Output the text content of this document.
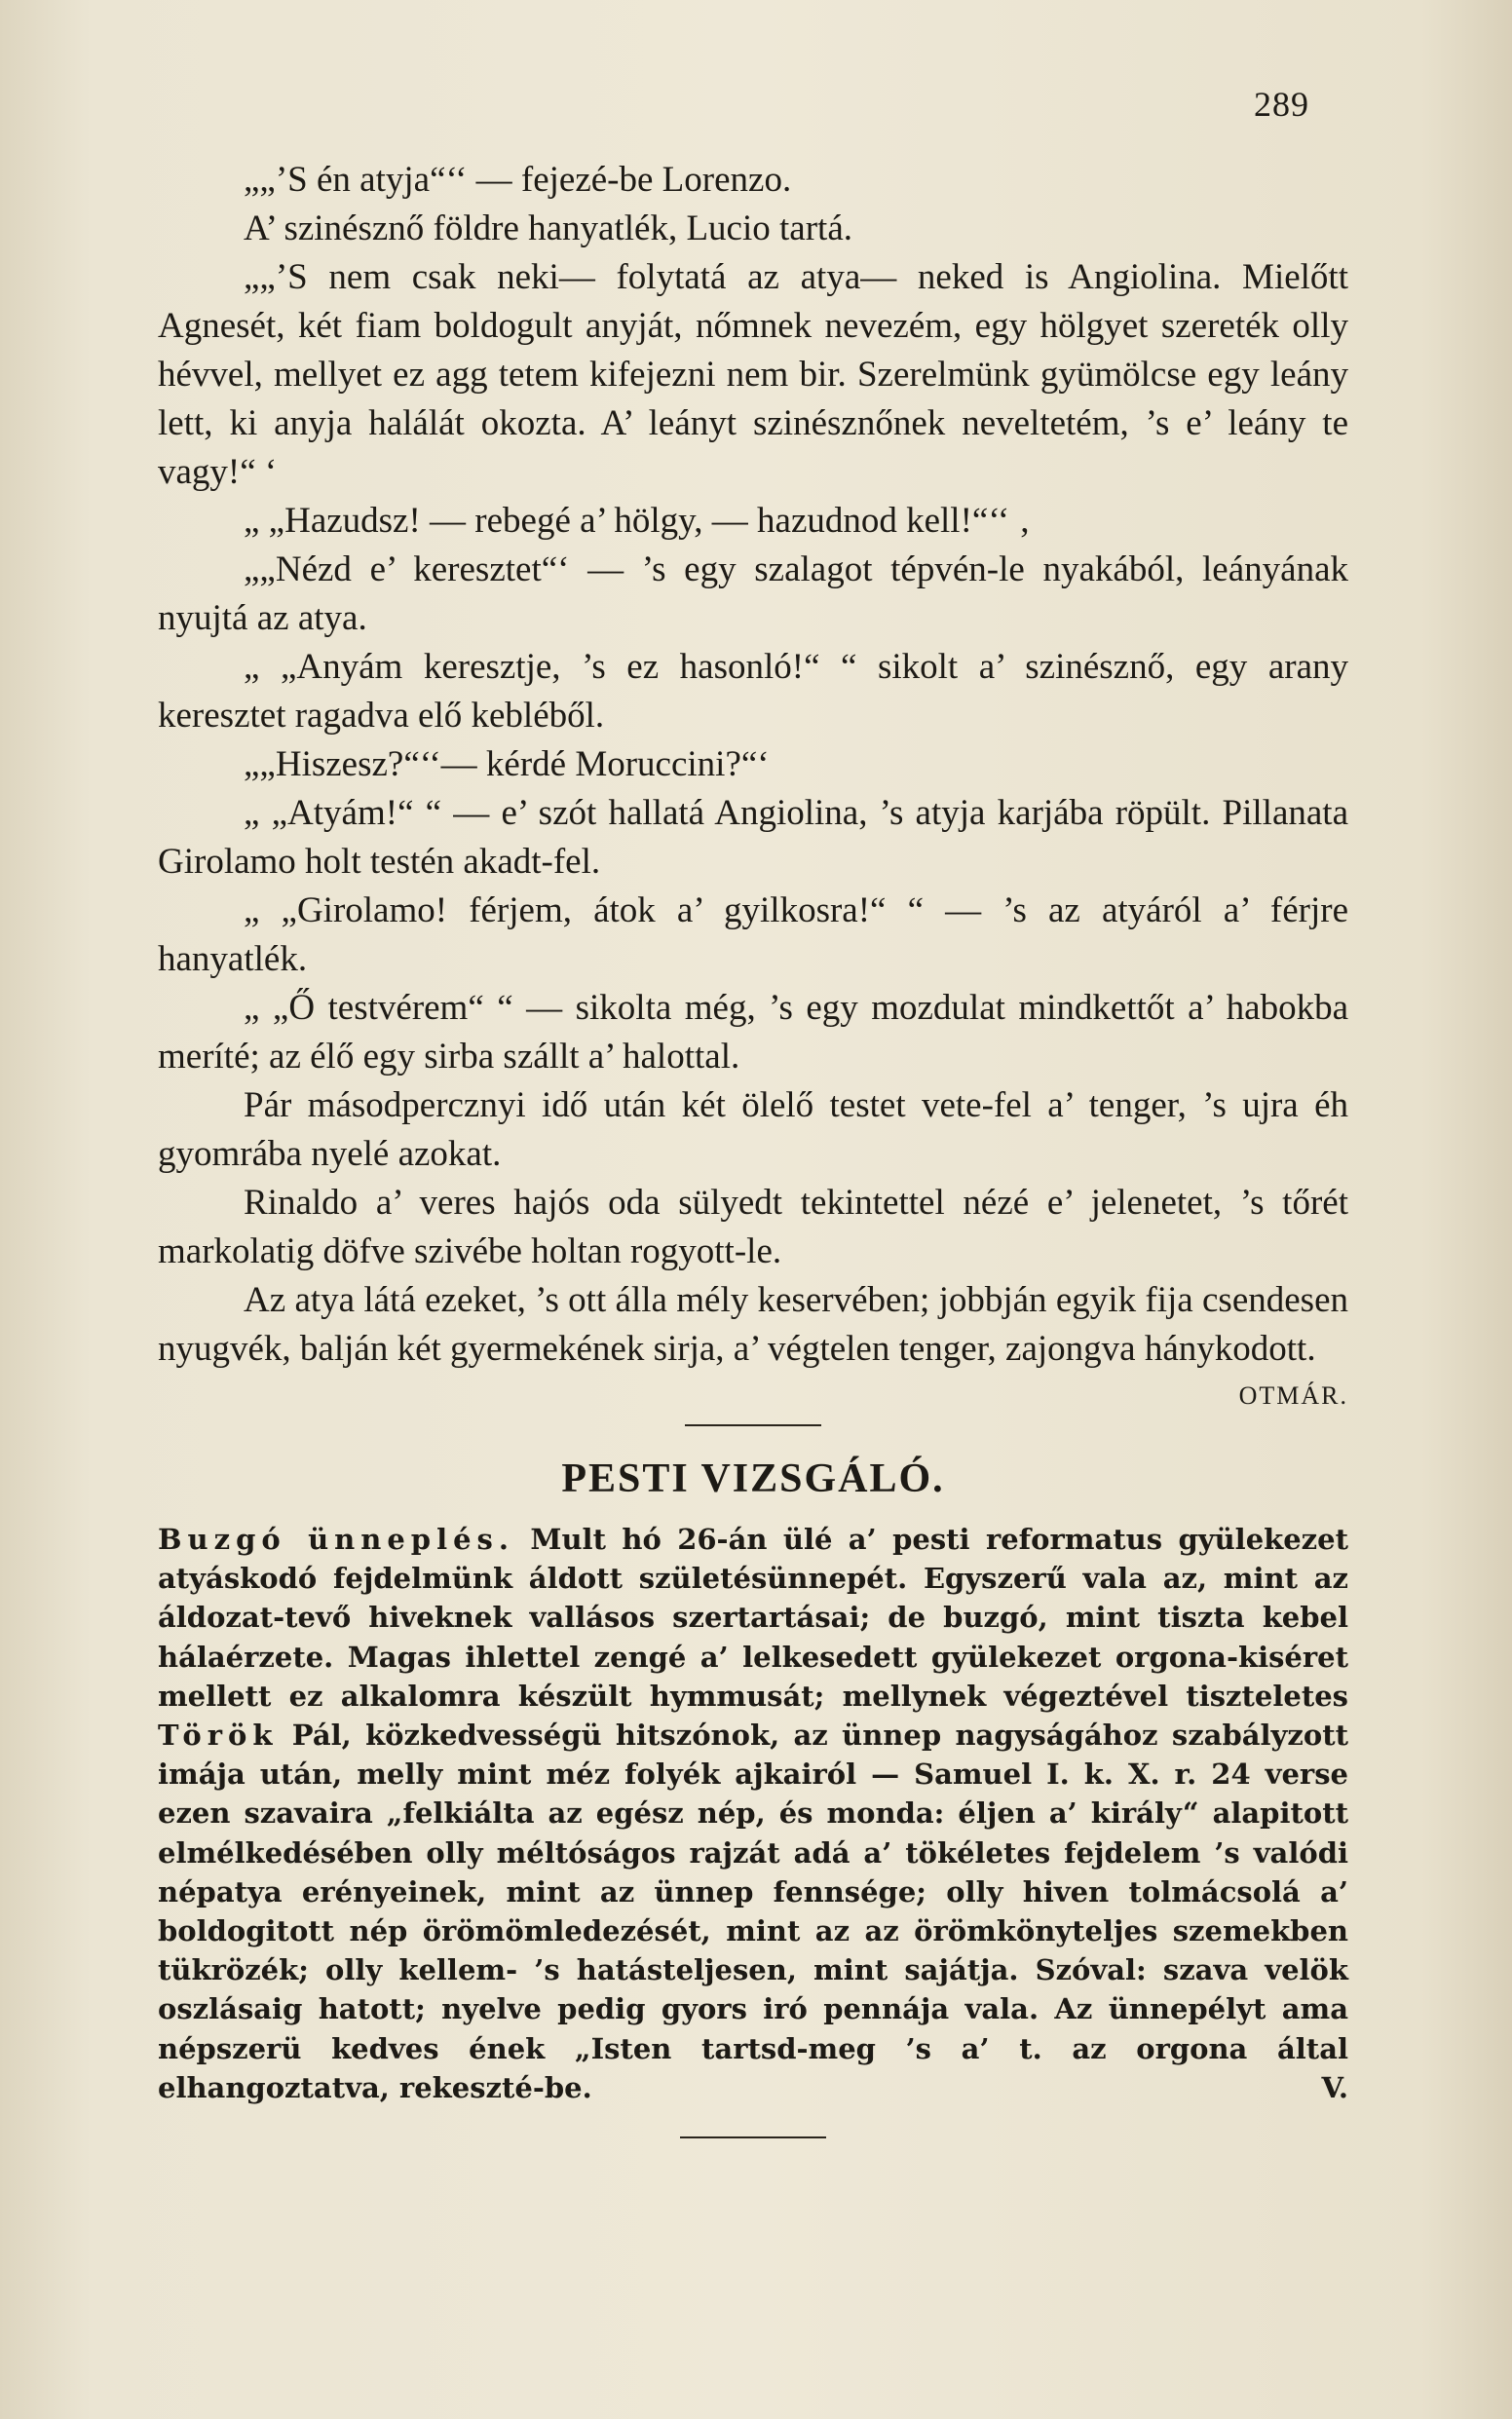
289

„„’S én atyja“‘‘ — fejezé-be Lorenzo.

A’ szinésznő földre hanyatlék, Lucio tartá.

„„’S nem csak neki— folytatá az atya— neked is Angiolina. Mielőtt Agnesét, két fiam boldogult anyját, nőmnek nevezém, egy hölgyet szereték olly hévvel, mellyet ez agg tetem kifejezni nem bir. Szerelmünk gyümölcse egy leány lett, ki anyja halálát okozta. A’ leányt szinésznőnek neveltetém, ’s e’ leány te vagy!“ ‘

„ „Hazudsz! — rebegé a’ hölgy, — hazudnod kell!“‘‘ ‚

„„Nézd e’ keresztet“‘ — ’s egy szalagot tépvén-le nyakából, leányának nyujtá az atya.

„ „Anyám keresztje, ’s ez hasonló!“ “ sikolt a’ szinésznő, egy arany keresztet ragadva elő kebléből.

„„Hiszesz?“‘‘— kérdé Moruccini?“‘

„ „Atyám!“ “ — e’ szót hallatá Angiolina, ’s atyja karjába röpült. Pillanata Girolamo holt testén akadt-fel.

„ „Girolamo! férjem, átok a’ gyilkosra!“ “ — ’s az atyáról a’ férjre hanyatlék.

„ „Ő testvérem“ “ — sikolta még, ’s egy mozdulat mindkettőt a’ habokba meríté; az élő egy sirba szállt a’ halottal.

Pár másodpercznyi idő után két ölelő testet vete-fel a’ tenger, ’s ujra éh gyomrába nyelé azokat.

Rinaldo a’ veres hajós oda sülyedt tekintettel nézé e’ jelenetet, ’s tőrét markolatig döfve szivébe holtan rogyott-le.

Az atya látá ezeket, ’s ott álla mély keservében; jobbján egyik fija csendesen nyugvék, balján két gyermekének sirja, a’ végtelen tenger, zajongva hánykodott.

OTMÁR.
PESTI VIZSGÁLÓ.

Buzgó ünneplés. Mult hó 26-án ülé a’ pesti reformatus gyülekezet atyáskodó fejdelmünk áldott születésünnepét. Egyszerű vala az, mint az áldozat-tevő hiveknek vallásos szertartásai; de buzgó, mint tiszta kebel hálaérzete. Magas ihlettel zengé a’ lelkesedett gyülekezet orgona-kiséret mellett ez alkalomra készült hymmusát; mellynek végeztével tiszteletes Török Pál, közkedvességü hitszónok, az ünnep nagyságához szabályzott imája után, melly mint méz folyék ajkairól — Samuel I. k. X. r. 24 verse ezen szavaira „felkiálta az egész nép, és monda: éljen a’ király“ alapitott elmélkedésében olly méltóságos rajzát adá a’ tökéletes fejdelem ’s valódi népatya erényeinek, mint az ünnep fennsége; olly hiven tolmácsolá a’ boldogitott nép örömömledezését, mint az az örömkönyteljes szemekben tükrözék; olly kellem- ’s hatásteljesen, mint sajátja. Szóval: szava velök oszlásaig hatott; nyelve pedig gyors iró pennája vala. Az ünnepélyt ama népszerü kedves ének „Isten tartsd-meg ’s a’ t. az orgona által elhangoztatva, rekeszté-be.	V.
